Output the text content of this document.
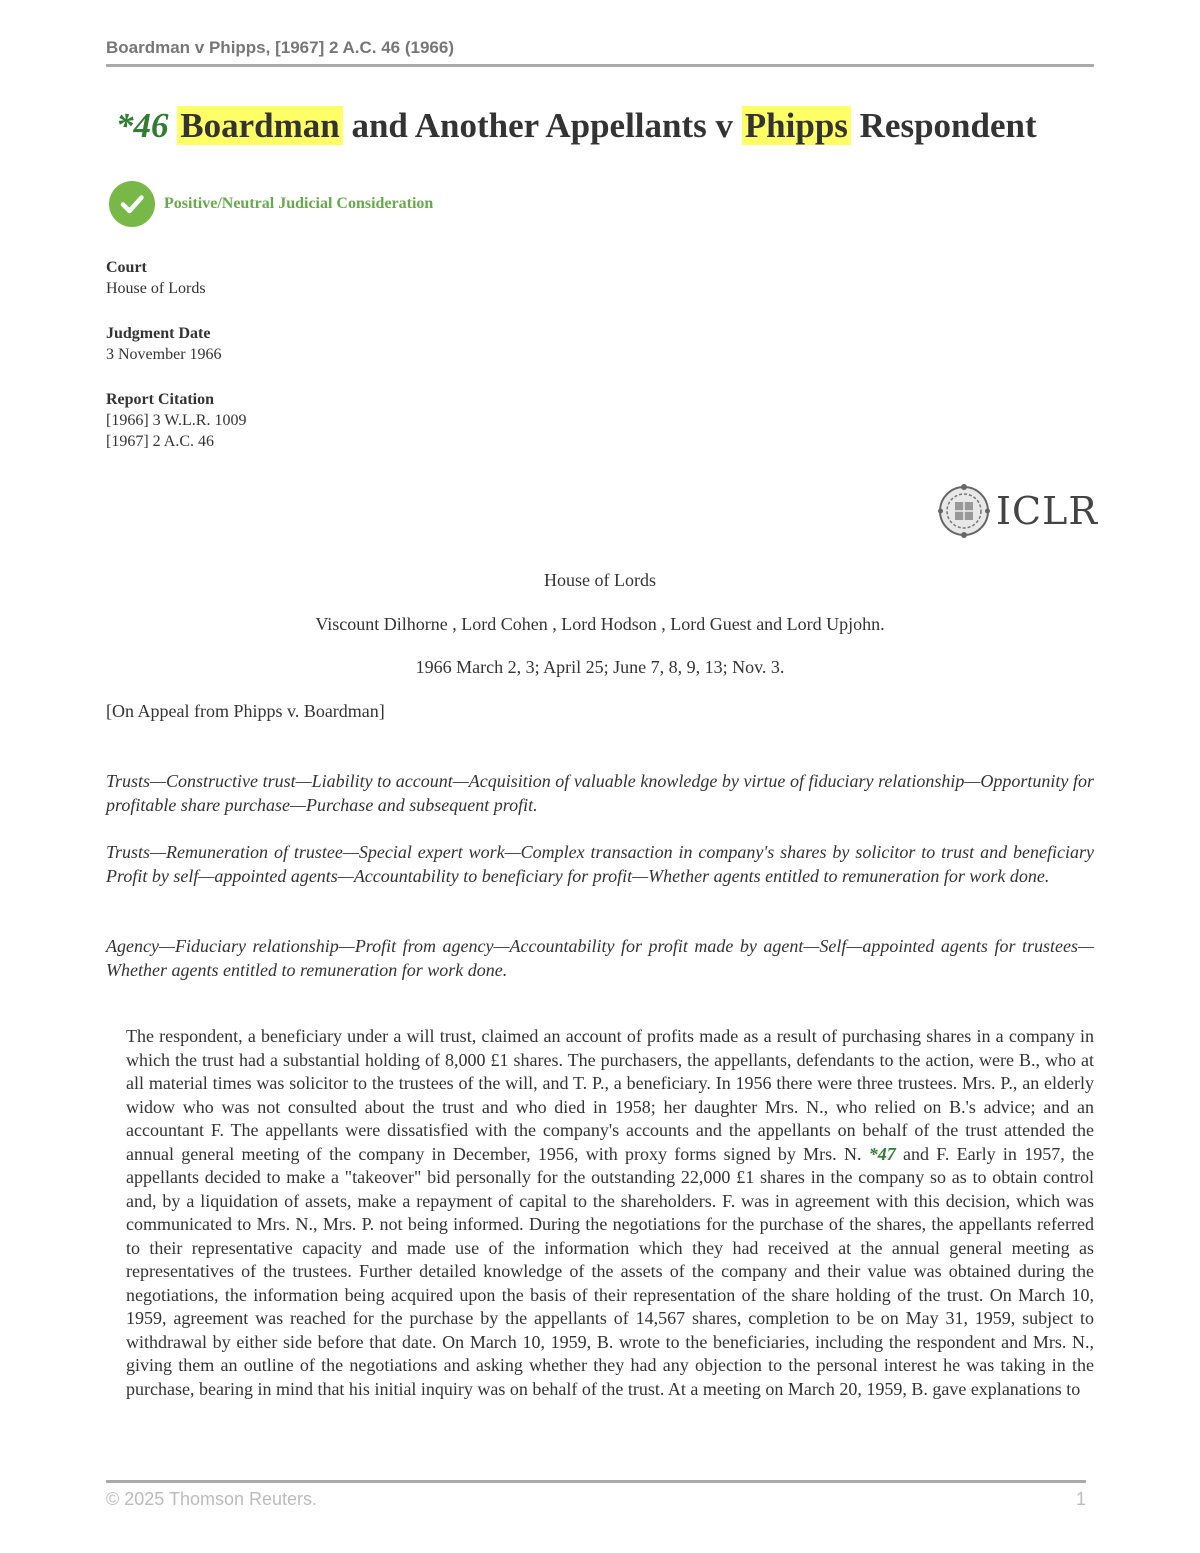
Boardman v Phipps, [1967] 2 A.C. 46 (1966)
*46 Boardman and Another Appellants v Phipps Respondent
Positive/Neutral Judicial Consideration
Court
House of Lords
Judgment Date
3 November 1966
Report Citation
[1966] 3 W.L.R. 1009
[1967] 2 A.C. 46
ICLR
House of Lords
Viscount Dilhorne , Lord Cohen , Lord Hodson , Lord Guest and Lord Upjohn.
1966 March 2, 3; April 25; June 7, 8, 9, 13; Nov. 3.
[On Appeal from Phipps v. Boardman]
Trusts—Constructive trust—Liability to account—Acquisition of valuable knowledge by virtue of fiduciary relationship—Opportunity for profitable share purchase—Purchase and subsequent profit.
Trusts—Remuneration of trustee—Special expert work—Complex transaction in company's shares by solicitor to trust and beneficiary Profit by self—appointed agents—Accountability to beneficiary for profit—Whether agents entitled to remuneration for work done.
Agency—Fiduciary relationship—Profit from agency—Accountability for profit made by agent—Self—appointed agents for trustees—Whether agents entitled to remuneration for work done.
The respondent, a beneficiary under a will trust, claimed an account of profits made as a result of purchasing shares in a company in which the trust had a substantial holding of 8,000 £1 shares. The purchasers, the appellants, defendants to the action, were B., who at all material times was solicitor to the trustees of the will, and T. P., a beneficiary. In 1956 there were three trustees. Mrs. P., an elderly widow who was not consulted about the trust and who died in 1958; her daughter Mrs. N., who relied on B.'s advice; and an accountant F. The appellants were dissatisfied with the company's accounts and the appellants on behalf of the trust attended the annual general meeting of the company in December, 1956, with proxy forms signed by Mrs. N. *47 and F. Early in 1957, the appellants decided to make a "takeover" bid personally for the outstanding 22,000 £1 shares in the company so as to obtain control and, by a liquidation of assets, make a repayment of capital to the shareholders. F. was in agreement with this decision, which was communicated to Mrs. N., Mrs. P. not being informed. During the negotiations for the purchase of the shares, the appellants referred to their representative capacity and made use of the information which they had received at the annual general meeting as representatives of the trustees. Further detailed knowledge of the assets of the company and their value was obtained during the negotiations, the information being acquired upon the basis of their representation of the share holding of the trust. On March 10, 1959, agreement was reached for the purchase by the appellants of 14,567 shares, completion to be on May 31, 1959, subject to withdrawal by either side before that date. On March 10, 1959, B. wrote to the beneficiaries, including the respondent and Mrs. N., giving them an outline of the negotiations and asking whether they had any objection to the personal interest he was taking in the purchase, bearing in mind that his initial inquiry was on behalf of the trust. At a meeting on March 20, 1959, B. gave explanations to
© 2025 Thomson Reuters.	1
